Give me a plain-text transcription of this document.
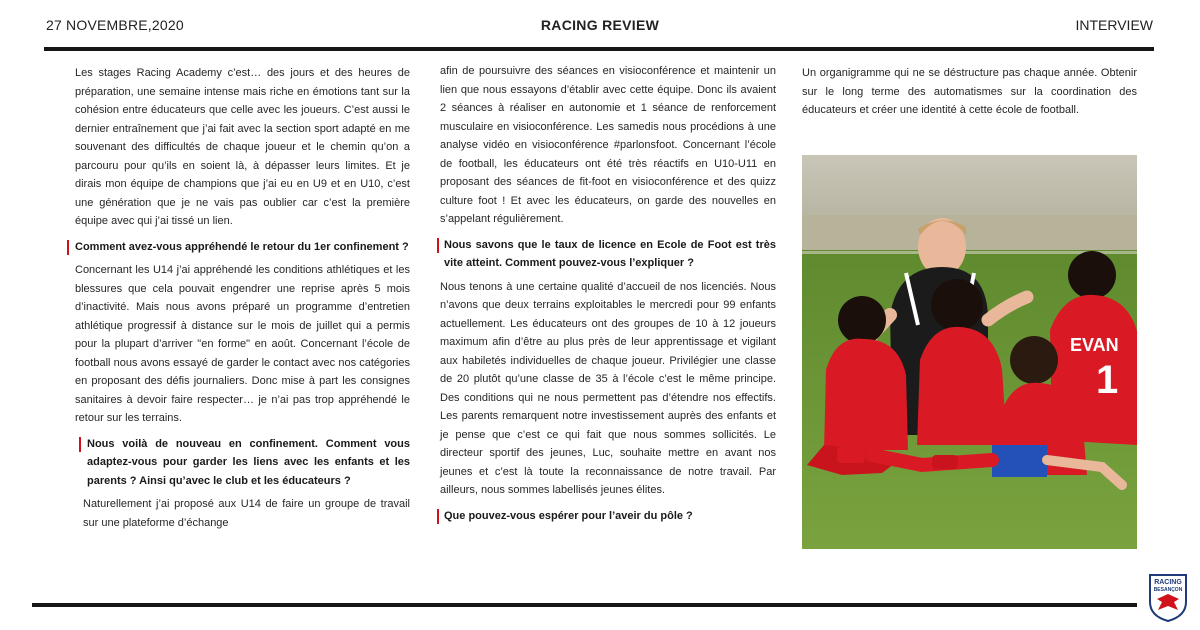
27 NOVEMBRE,2020	RACING REVIEW	INTERVIEW

Les stages Racing Academy c’est… des jours et des heures de préparation, une semaine intense mais riche en émotions tant sur la cohésion entre éducateurs que celle avec les joueurs. C’est aussi le dernier entraînement que j’ai fait avec la section sport adapté en me souvenant des difficultés de chaque joueur et le chemin qu’on a parcouru pour qu’ils en soient là, à dépasser leurs limites. Et je dirais mon équipe de champions que j’ai eu en U9 et en U10, c’est une génération que je ne vais pas oublier car c’est la première équipe avec qui j’ai tissé un lien.

Comment avez-vous appréhendé le retour du 1er confinement ?

Concernant les U14 j’ai appréhendé les conditions athlétiques et les blessures que cela pouvait engendrer une reprise après 5 mois d’inactivité. Mais nous avons préparé un programme d’entretien athlétique progressif à distance sur le mois de juillet qui a permis pour la plupart d’arriver "en forme" en août. Concernant l’école de football nous avons essayé de garder le contact avec nos catégories en proposant des défis journaliers. Donc mise à part les consignes sanitaires à devoir faire respecter… je n’ai pas trop appréhendé le retour sur les terrains.

Nous voilà de nouveau en confinement. Comment vous adaptez-vous pour garder les liens avec les enfants et les parents ? Ainsi qu’avec le club et les éducateurs ?

Naturellement j’ai proposé aux U14 de faire un groupe de travail sur une plateforme d’échange

afin de poursuivre des séances en visioconférence et maintenir un lien que nous essayons d’établir avec cette équipe. Donc ils avaient 2 séances à réaliser en autonomie et 1 séance de renforcement musculaire en visioconférence. Les samedis nous procédions à une analyse vidéo en visioconférence #parlonsfoot. Concernant l’école de football, les éducateurs ont été très réactifs en U10-U11 en proposant des séances de fit-foot en visioconférence et des quizz culture foot ! Et avec les éducateurs, on garde des nouvelles en s’appelant régulièrement.

Nous savons que le taux de licence en Ecole de Foot est très vite atteint. Comment pouvez-vous l’expliquer ?

Nous tenons à une certaine qualité d’accueil de nos licenciés. Nous n’avons que deux terrains exploitables le mercredi pour 99 enfants actuellement. Les éducateurs ont des groupes de 10 à 12 joueurs maximum afin d’être au plus près de leur apprentissage et vigilant aux habiletés individuelles de chaque joueur. Privilégier une classe de 20 plutôt qu’une classe de 35 à l’école c’est le même principe. Des conditions qui ne nous permettent pas d’étendre nos effectifs. Les parents remarquent notre investissement auprès des enfants et je pense que c’est ce qui fait que nous sommes sollicités. Le directeur sportif des jeunes, Luc, souhaite mettre en avant nos jeunes et c’est là toute la reconnaissance de notre travail. Par ailleurs, nous sommes labellisés jeunes élites.

Que pouvez-vous espérer pour l’aveir du pôle ?

Un organigramme qui ne se déstructure pas chaque année. Obtenir sur le long terme des automatismes sur la coordination des éducateurs et créer une identité à cette école de football.

EVAN
1
RACING
BESANÇON
